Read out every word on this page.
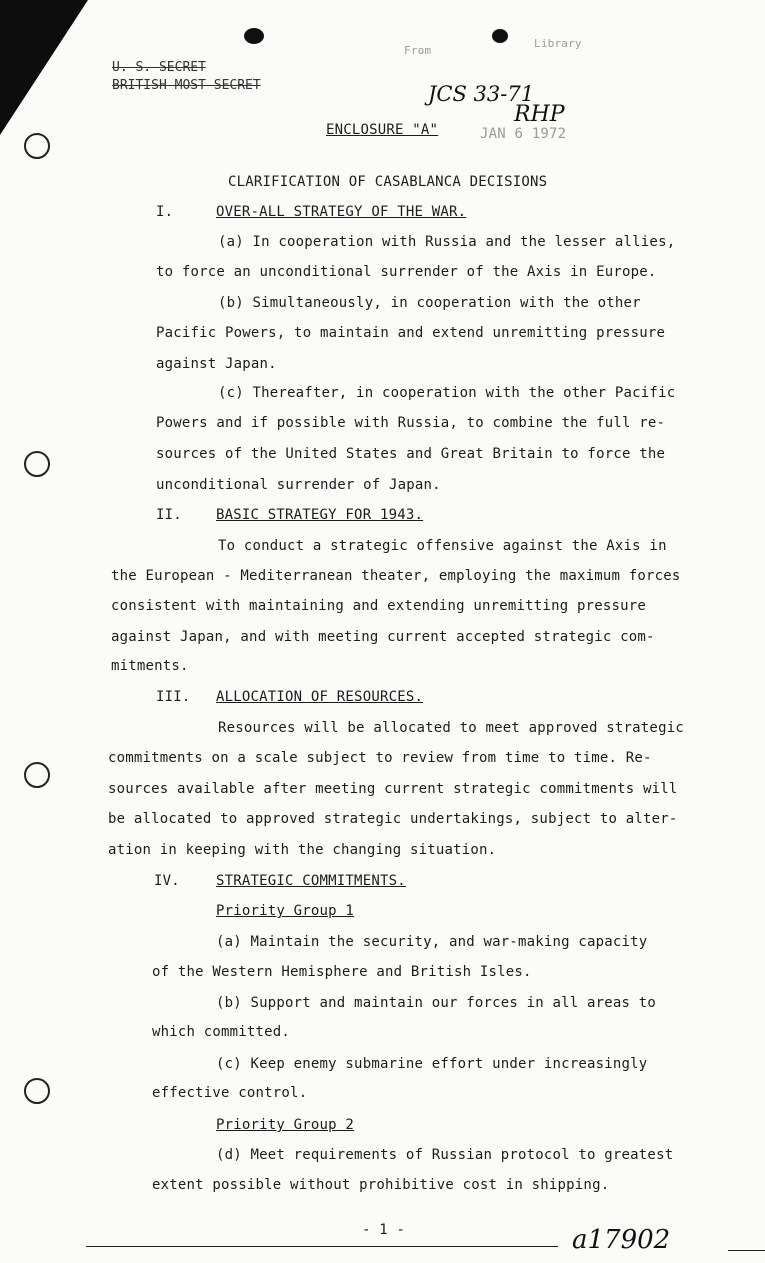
U. S. SECRET
BRITISH MOST SECRET
From
Library
JAN 6 1972
JCS 33-71
RHP
ENCLOSURE "A"
CLARIFICATION OF CASABLANCA DECISIONS
I.	OVER-ALL STRATEGY OF THE WAR.
(a) In cooperation with Russia and the lesser allies,
to force an unconditional surrender of the Axis in Europe.
(b) Simultaneously, in cooperation with the other
Pacific Powers, to maintain and extend unremitting pressure
against Japan.
(c) Thereafter, in cooperation with the other Pacific
Powers and if possible with Russia, to combine the full re-
sources of the United States and Great Britain to force the
unconditional surrender of Japan.
II. BASIC STRATEGY FOR 1943.
To conduct a strategic offensive against the Axis in
the European - Mediterranean theater, employing the maximum forces
consistent with maintaining and extending unremitting pressure
against Japan, and with meeting current accepted strategic com-
mitments.
III. ALLOCATION OF RESOURCES.
Resources will be allocated to meet approved strategic
commitments on a scale subject to review from time to time. Re-
sources available after meeting current strategic commitments will
be allocated to approved strategic undertakings, subject to alter-
ation in keeping with the changing situation.
IV.	STRATEGIC COMMITMENTS.
Priority Group 1
(a) Maintain the security, and war-making capacity
of the Western Hemisphere and British Isles.
(b) Support and maintain our forces in all areas to
which committed.
(c) Keep enemy submarine effort under increasingly
effective control.
Priority Group 2
(d) Meet requirements of Russian protocol to greatest
extent possible without prohibitive cost in shipping.
- 1 -	a17902
